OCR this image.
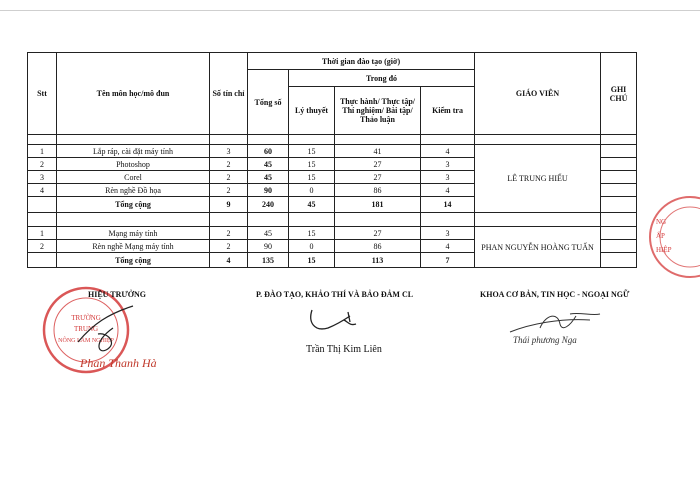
Stt	Tên môn học/mô đun	Số tín chỉ	Thời gian đào tạo (giờ)				GIÁO VIÊN	GHI CHÚ
			Tổng số	Trong đó				
				Lý thuyết	Thực hành/ Thực tập/ Thí nghiệm/ Bài tập/ Thảo luận	Kiểm tra		

1	Lắp ráp, cài đặt máy tính	3	60	15	41	4	LÊ TRUNG HIẾU	
2	Photoshop	2	45	15	27	3		
3	Corel	2	45	15	27	3		
4	Rèn nghề Đồ họa	2	90	0	86	4		
	Tổng cộng	9	240	45	181	14		

1	Mạng máy tính	2	45	15	27	3	PHAN NGUYỄN HOÀNG TUẤN	
2	Rèn nghề Mạng máy tính	2	90	0	86	4		
	Tổng cộng	4	135	15	113	7		
NG
ẤP
HIỆP
TRƯỜNG
TRUNG
NÔNG LÂM NGHIỆP
HIỆU TRƯỞNG
Phan Thanh Hà
P. ĐÀO TẠO, KHẢO THÍ VÀ BẢO ĐẢM CL
Trần Thị Kim Liên
KHOA CƠ BẢN, TIN HỌC - NGOẠI NGỮ
Thái phương Nga
